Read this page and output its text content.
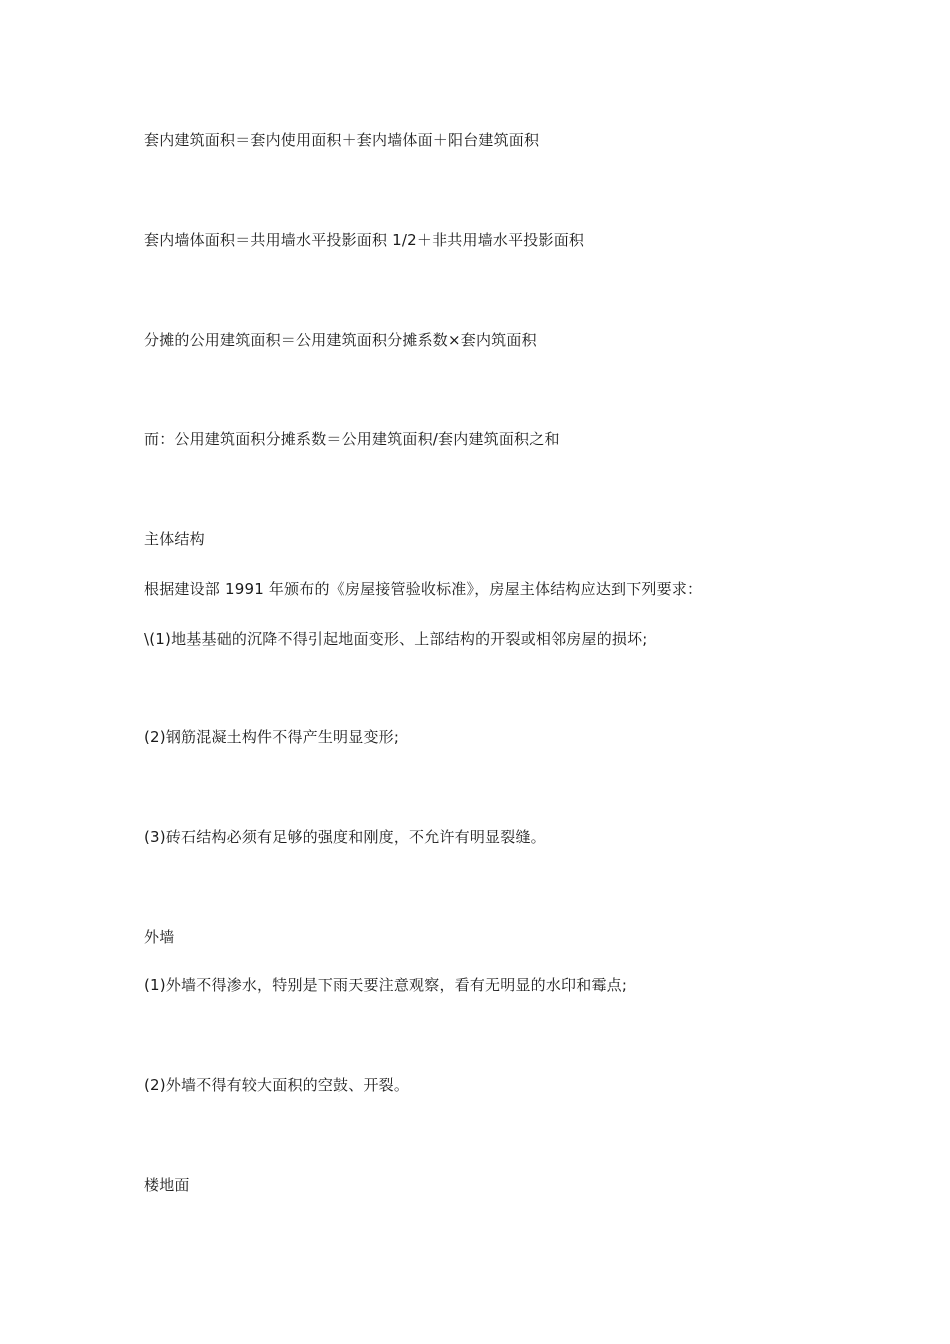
套内建筑面积＝套内使用面积＋套内墙体面＋阳台建筑面积
套内墙体面积＝共用墙水平投影面积 1/2＋非共用墙水平投影面积
分摊的公用建筑面积＝公用建筑面积分摊系数×套内筑面积
而：公用建筑面积分摊系数＝公用建筑面积/套内建筑面积之和
主体结构
根据建设部 1991 年颁布的《房屋接管验收标准》，房屋主体结构应达到下列要求：
\(1)地基基础的沉降不得引起地面变形、上部结构的开裂或相邻房屋的损坏;
(2)钢筋混凝土构件不得产生明显变形;
(3)砖石结构必须有足够的强度和刚度，不允许有明显裂缝。
外墙
(1)外墙不得渗水，特别是下雨天要注意观察，看有无明显的水印和霉点;
(2)外墙不得有较大面积的空鼓、开裂。
楼地面
